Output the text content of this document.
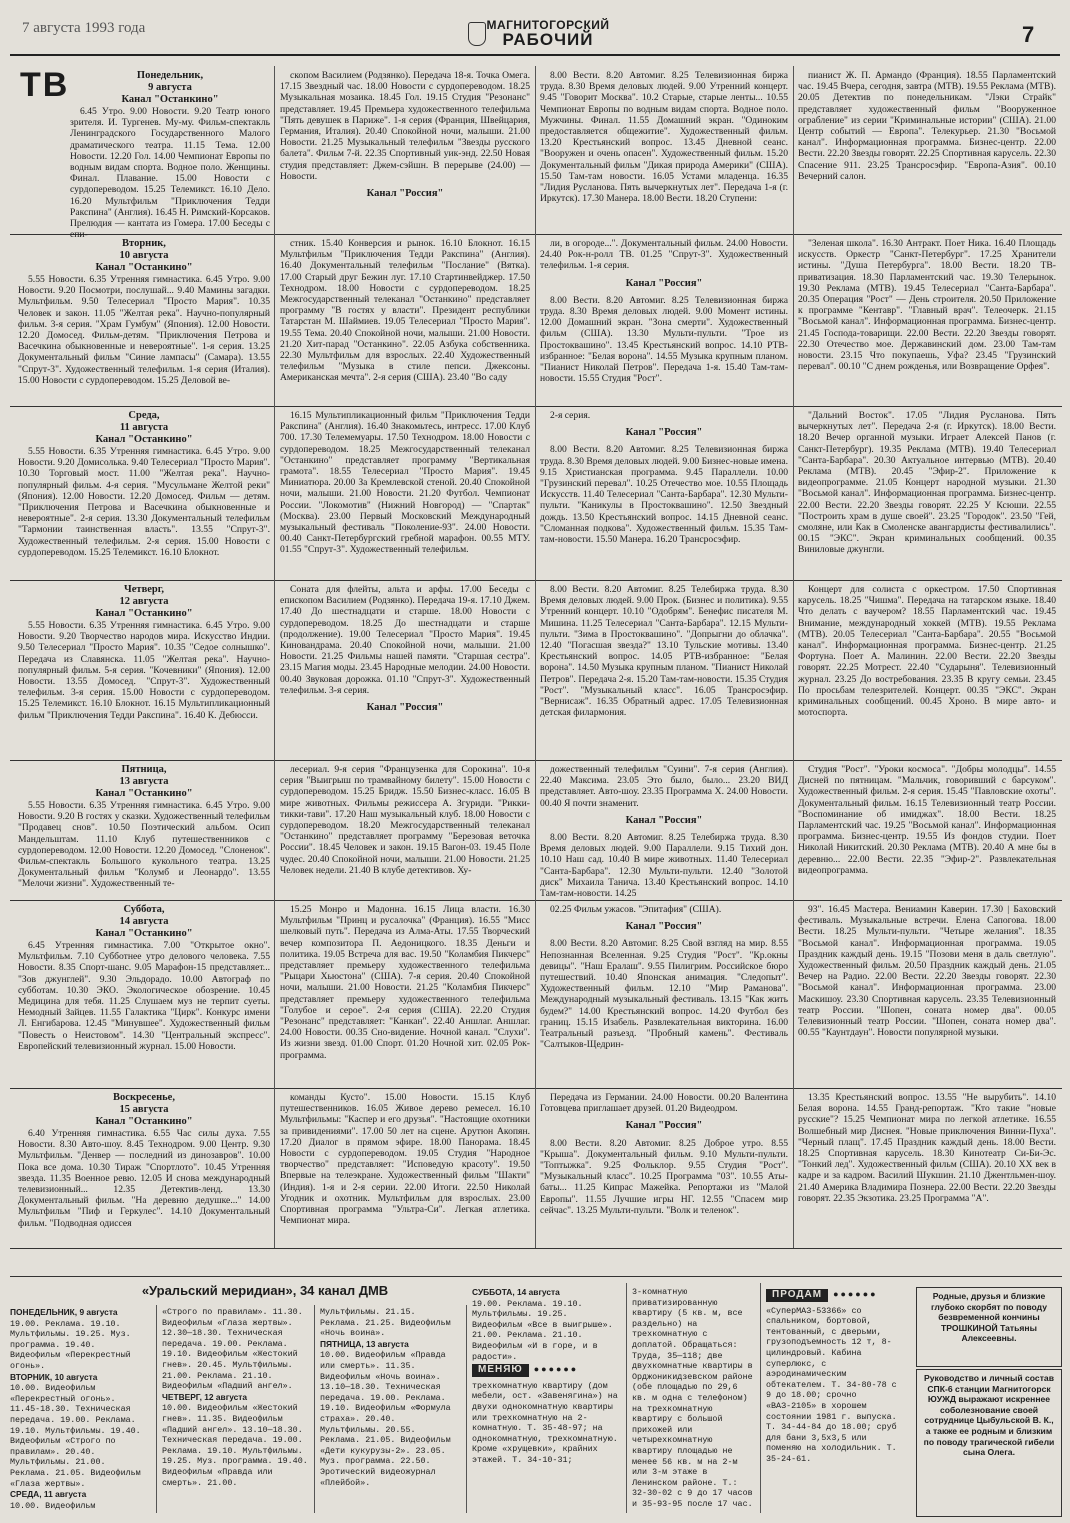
7 августа 1993 года	МАГНИТОГОРСКИЙ
РАБОЧИЙ	7
Понедельник,
9 августа
Канал "Останкино"
6.45 Утро. 9.00 Новости. 9.20 Театр юного зрителя. И. Тургенев. Му-му. Фильм-спектакль Ленинградского Государственного Малого драматического театра. 11.15 Тема. 12.00 Новости. 12.20 Гол. 14.00 Чемпионат Европы по водным видам спорта. Водное поло. Женщины. Финал. Плавание. 15.00 Новости с сурдопереводом. 15.25 Телемикст. 16.10 Дело. 16.20 Мультфильм "Приключения Тедди Ракспина" (Англия). 16.45 Н. Римский-Корсаков. Прелюдия — кантата из Гомера. 17.00 Беседы с епи-
скопом Василием (Родзянко). Передача 18-я. Точка Омега. 17.15 Звездный час. 18.00 Новости с сурдопереводом. 18.25 Музыкальная мозаика. 18.45 Гол. 19.15 Студия "Резонанс" представляет. 19.45 Премьера художественного телефильма "Пять девушек в Париже". 1-я серия (Франция, Швейцария, Германия, Италия). 20.40 Спокойной ночи, малыши. 21.00 Новости. 21.25 Музыкальный телефильм "Звезды русского балета". Фильм 7-й. 22.35 Спортивный уик-энд. 22.50 Новая студия представляет: Джем-сэйшн. В перерыве (24.00) — Новости.
Канал "Россия"
8.00 Вести. 8.20 Автомиг. 8.25 Телевизионная биржа труда. 8.30 Время деловых людей. 9.00 Утренний концерт. 9.45 "Говорит Москва". 10.2 Старые, старые ленты... 10.55 Чемпионат Европы по водным видам спорта. Водное поло. Мужчины. Финал. 11.55 Домашний экран. "Одиноким предоставляется общежитие". Художественный фильм. 13.20 Крестьянский вопрос. 13.45 Дневной сеанс. "Вооружен и очень опасен". Художественный фильм. 15.20 Документальный фильм "Дикая природа Америки" (США). 15.50 Там-там новости. 16.05 Устами младенца. 16.35 "Лидия Русланова. Пять вычеркнутых лет". Передача 1-я (г. Иркутск). 17.30 Манера. 18.00 Вести. 18.20 Ступени:
пианист Ж. П. Армандо (Франция). 18.55 Парламентский час. 19.45 Вчера, сегодня, завтра (МТВ). 19.55 Реклама (МТВ). 20.05 Детектив по понедельникам. "Лэки Страйк" представляет художественный фильм "Вооруженное ограбление" из серии "Криминальные истории" (США). 21.00 Центр событий — Европа". Телекурьер. 21.30 "Восьмой канал". Информационная программа. Бизнес-центр. 22.00 Вести. 22.20 Звезды говорят. 22.25 Спортивная карусель. 22.30 Спасение 911. 23.25 Трансросэфир. "Европа-Азия". 00.10 Вечерний салон.
Вторник,
10 августа
Канал "Останкино"
5.55 Новости. 6.35 Утренняя гимнастика. 6.45 Утро. 9.00 Новости. 9.20 Посмотри, послушай... 9.40 Мамины загадки. Мультфильм. 9.50 Телесериал "Просто Мария". 10.35 Человек и закон. 11.05 "Желтая река". Научно-популярный фильм. 3-я серия. "Храм Гумбум" (Япония). 12.00 Новости. 12.20 Домосед. Фильм-детям. "Приключения Петрова и Васечкина обыкновенные и невероятные". 1-я серия. 13.25 Документальный фильм "Синие лампасы" (Самара). 13.55 "Спрут-3". Художественный телефильм. 1-я серия (Италия). 15.00 Новости с сурдопереводом. 15.25 Деловой ве-
стник. 15.40 Конверсия и рынок. 16.10 Блокнот. 16.15 Мультфильм "Приключения Тедди Ракспина" (Англия). 16.40 Документальный телефильм "Послание" (Вятка). 17.00 Старый друг Бежин луг. 17.10 Стартинвейджер. 17.50 Технодром. 18.00 Новости с сурдопереводом. 18.25 Межгосударственный телеканал "Останкино" представляет программу "В гостях у власти". Президент республики Татарстан М. Шаймиев. 19.05 Телесериал "Просто Мария". 19.55 Тема. 20.40 Спокойной ночи, малыши. 21.00 Новости. 21.20 Хит-парад "Останкино". 22.05 Азбука собственника. 22.30 Мультфильм для взрослых. 22.40 Художественный телефильм "Музыка в стиле пепси. Джексоны. Американская мечта". 2-я серия (США). 23.40 "Во саду
ли, в огороде...". Документальный фильм. 24.00 Новости. 24.40 Рок-н-ролл ТВ. 01.25 "Спрут-3". Художественный телефильм. 1-я серия.
Канал "Россия"
8.00 Вести. 8.20 Автомиг. 8.25 Телевизионная биржа труда. 8.30 Время деловых людей. 9.00 Момент истины. 12.00 Домашний экран. "Зона смерти". Художественный фильм (США). 13.30 Мульти-пульти. "Трое из Простоквашино". 13.45 Крестьянский вопрос. 14.10 РТВ-избранное: "Белая ворона". 14.55 Музыка крупным планом. "Пианист Николай Петров". Передача 1-я. 15.40 Там-там-новости. 15.55 Студия "Рост".
"Зеленая школа". 16.30 Антракт. Поет Ника. 16.40 Площадь искусств. Оркестр "Санкт-Петербург". 17.25 Хранители истины. "Душа Петербурга". 18.00 Вести. 18.20 ТВ-приватизация. 18.30 Парламентский час. 19.30 Телерынок. 19.30 Реклама (МТВ). 19.45 Телесериал "Санта-Барбара". 20.35 Операция "Рост" — День строителя. 20.50 Приложение к программе "Кентавр". "Главный врач". Телеочерк. 21.15 "Восьмой канал". Информационная программа. Бизнес-центр. 21.45 Господа-товарищи. 22.00 Вести. 22.20 Звезды говорят. 22.30 Отечество мое. Державинский дом. 23.00 Там-там новости. 23.15 Что покупаешь, Уфа? 23.45 "Грузинский перевал". 00.10 "С днем рожденья, или Возвращение Орфея".
Среда,
11 августа
Канал "Останкино"
5.55 Новости. 6.35 Утренняя гимнастика. 6.45 Утро. 9.00 Новости. 9.20 Домисолька. 9.40 Телесериал "Просто Мария". 10.30 Торговый мост. 11.00 "Желтая река". Научно-популярный фильм. 4-я серия. "Мусульмане Желтой реки" (Япония). 12.00 Новости. 12.20 Домосед. Фильм — детям. "Приключения Петрова и Васечкина обыкновенные и невероятные". 2-я серия. 13.30 Документальный телефильм "Тармонии таинственная власть". 13.55 "Спрут-3". Художественный телефильм. 2-я серия. 15.00 Новости с сурдопереводом. 15.25 Телемикст. 16.10 Блокнот.
16.15 Мультипликационный фильм "Приключения Тедди Ракспина" (Англия). 16.40 Знакомьтесь, интресс. 17.00 Клуб 700. 17.30 Телемемуары. 17.50 Технодром. 18.00 Новости с сурдопереводом. 18.25 Межгосударственный телеканал "Останкино" представляет программу "Вертикальная грамота". 18.55 Телесериал "Просто Мария". 19.45 Миниатюра. 20.00 За Кремлевской стеной. 20.40 Спокойной ночи, малыши. 21.00 Новости. 21.20 Футбол. Чемпионат России. "Локомотив" (Нижний Новгород) — "Спартак" (Москва). 23.00 Первый Московский Международный музыкальный фестиваль "Поколение-93". 24.00 Новости. 00.40 Санкт-Петербургский гребной марафон. 00.55 МТУ. 01.55 "Спрут-3". Художественный телефильм.
2-я серия.
Канал "Россия"
8.00 Вести. 8.20 Автомиг. 8.25 Телевизионная биржа труда. 8.30 Время деловых людей. 9.00 Бизнес-новые имена. 9.15 Христианская программа. 9.45 Параллели. 10.00 "Грузинский перевал". 10.25 Отечество мое. 10.55 Площадь Искусств. 11.40 Телесериал "Санта-Барбара". 12.30 Мульти-пульти. "Каникулы в Простоквашино". 12.50 Звездный дождь. 13.50 Крестьянский вопрос. 14.15 Дневной сеанс. "Сломанная подкова". Художественный фильм. 15.35 Там-там-новости. 15.50 Манера. 16.20 Трансросэфир.
"Дальний Восток". 17.05 "Лидия Русланова. Пять вычеркнутых лет". Передача 2-я (г. Иркутск). 18.00 Вести. 18.20 Вечер органной музыки. Играет Алексей Панов (г. Санкт-Петербург). 19.35 Реклама (МТВ). 19.40 Телесериал "Санта-Барбара". 20.30 Актуальное интервью (МТВ). 20.40 Реклама (МТВ). 20.45 "Эфир-2". Приложение к видеопрограмме. 21.05 Концерт народной музыки. 21.30 "Восьмой канал". Информационная программа. Бизнес-центр. 22.00 Вести. 22.20 Звезды говорят. 22.25 У Ксюши. 22.55 "Построить храм в душе своей". 23.25 "Городок". 23.50 "Гей, смоляне, или Как в Смоленске авангардисты фестивалились". 00.15 "ЭКС". Экран криминальных сообщений. 00.35 Виниловые джунгли.
Четверг,
12 августа
Канал "Останкино"
5.55 Новости. 6.35 Утренняя гимнастика. 6.45 Утро. 9.00 Новости. 9.20 Творчество народов мира. Искусство Индии. 9.50 Телесериал "Просто Мария". 10.35 "Седое солнышко". Передача из Славянска. 11.05 "Желтая река". Научно-популярный фильм. 5-я серия. "Кочевники" (Япония). 12.00 Новости. 13.55 Домосед. "Спрут-3". Художественный телефильм. 3-я серия. 15.00 Новости с сурдопереводом. 15.25 Телемикст. 16.10 Блокнот. 16.15 Мультипликационный фильм "Приключения Тедди Ракспина". 16.40 К. Дебюсси.
Соната для флейты, альта и арфы. 17.00 Беседы с епископом Василием (Родзянко). Передача 19-я. 17.10 Джем. 17.40 До шестнадцати и старше. 18.00 Новости с сурдопереводом. 18.25 До шестнадцати и старше (продолжение). 19.00 Телесериал "Просто Мария". 19.45 Киновандрама. 20.40 Спокойной ночи, малыши. 21.00 Новости. 21.25 Фильмы нашей памяти. "Старшая сестра". 23.15 Магия моды. 23.45 Народные мелодии. 24.00 Новости. 00.40 Звуковая дорожка. 01.10 "Спрут-3". Художественный телефильм. 3-я серия.
Канал "Россия"
8.00 Вести. 8.20 Автомиг. 8.25 Телебиржа труда. 8.30 Время деловых людей. 9.00 Прок. (Бизнес и политика). 9.55 Утренний концерт. 10.10 "Одобрям". Бенефис писателя М. Мишина. 11.25 Телесериал "Санта-Барбара". 12.15 Мульти-пульти. "Зима в Простоквашино". "Допрыгни до облачка". 12.40 "Погасшая звезда?" 13.10 Тульские мотивы. 13.40 Крестьянский вопрос. 14.05 РТВ-избранное: "Белая ворона". 14.50 Музыка крупным планом. "Пианист Николай Петров". Передача 2-я. 15.20 Там-там-новости. 15.35 Студия "Рост". "Музыкальный класс". 16.05 Трансросэфир. "Вернисаж". 16.35 Обратный адрес. 17.05 Телевизионная детская филармония.
Концерт для солиста с оркестром. 17.50 Спортивная карусель. 18.25 "Чишма". Передача на татарском языке. 18.40 Что делать с ваучером? 18.55 Парламентский час. 19.45 Внимание, международный хоккей (МТВ). 19.55 Реклама (МТВ). 20.05 Телесериал "Санта-Барбара". 20.55 "Восьмой канал". Информационная программа. Бизнес-центр. 21.25 Фортуна. Поет А. Малинин. 22.00 Вести. 22.20 Звезды говорят. 22.25 Мотрест. 22.40 "Сударыня". Телевизионный журнал. 23.25 До востребования. 23.35 В кругу семьи. 23.45 По просьбам телезрителей. Концерт. 00.35 "ЭКС". Экран криминальных сообщений. 00.45 Хроно. В мире авто- и мотоспорта.
Пятница,
13 августа
Канал "Останкино"
5.55 Новости. 6.35 Утренняя гимнастика. 6.45 Утро. 9.00 Новости. 9.20 В гостях у сказки. Художественный телефильм "Продавец снов". 10.50 Поэтический альбом. Осип Мандельштам. 11.10 Клуб путешественников с сурдопереводом. 12.00 Новости. 12.20 Домосед. "Слоненок". Фильм-спектакль Большого кукольного театра. 13.25 Документальный фильм "Колумб и Леонардо". 13.55 "Мелочи жизни". Художественный те-
лесериал. 9-я серия "Французенка для Сорокина". 10-я серия "Выигрыш по трамвайному билету". 15.00 Новости с сурдопереводом. 15.25 Бридж. 15.50 Бизнес-класс. 16.05 В мире животных. Фильмы режиссера А. Згуриди. "Рикки-тикки-тави". 17.20 Наш музыкальный клуб. 18.00 Новости с сурдопереводом. 18.20 Межгосударственный телеканал "Останкино" представляет программу "Березовая веточка России". 18.45 Человек и закон. 19.15 Вагон-03. 19.45 Поле чудес. 20.40 Спокойной ночи, малыши. 21.00 Новости. 21.25 Человек недели. 21.40 В клубе детективов. Ху-
дожественный телефильм "Суини". 7-я серия (Англия). 22.40 Максима. 23.05 Это было, было... 23.20 ВИД представляет. Авто-шоу. 23.35 Программа Х. 24.00 Новости. 00.40 Я почти знаменит.
Канал "Россия"
8.00 Вести. 8.20 Автомиг. 8.25 Телебиржа труда. 8.30 Время деловых людей. 9.00 Параллели. 9.15 Тихий дон. 10.10 Наш сад. 10.40 В мире животных. 11.40 Телесериал "Санта-Барбара". 12.30 Мульти-пульти. 12.40 "Золотой диск" Михаила Танича. 13.40 Крестьянский вопрос. 14.10 Там-там-новости. 14.25
Студия "Рост". "Уроки космоса". "Добры молодцы". 14.55 Дисней по пятницам. "Мальчик, говоривший с барсуком". Художественный фильм. 2-я серия. 15.45 "Павловские охоты". Документальный фильм. 16.15 Телевизионный театр России. "Воспоминание об имиджах". 18.00 Вести. 18.25 Парламентский час. 19.25 "Восьмой канал". Информационная программа. Бизнес-центр. 19.55 Из фондов студии. Поет Николай Никитский. 20.30 Реклама (МТВ). 20.40 А мне бы в деревню... 22.00 Вести. 22.35 "Эфир-2". Развлекательная видеопрограмма.
Суббота,
14 августа
Канал "Останкино"
6.45 Утренняя гимнастика. 7.00 "Открытое окно". Мультфильм. 7.10 Субботнее утро делового человека. 7.55 Новости. 8.35 Спорт-шанс. 9.05 Марафон-15 представляет... "Зов джунглей". 9.30 Эльдорадо. 10.00 Автограф по субботам. 10.30 ЭКО. Экологическое обозрение. 10.45 Медицина для тебя. 11.25 Слушаем муз не терпит суеты. Немодный Зайцев. 11.55 Галактика "Цирк". Конкурс имени Л. Енгибарова. 12.45 "Минувшее". Художественный фильм "Повесть о Неистовом". 14.30 "Центральный экспресс". Европейский телевизионный журнал. 15.00 Новости.
15.25 Монро и Мадонна. 16.15 Лица власти. 16.30 Мультфильм "Принц и русалочка" (Франция). 16.55 "Мисс шелковый путь". Передача из Алма-Аты. 17.55 Творческий вечер композитора П. Аедоницкого. 18.35 Деньги и политика. 19.05 Встреча для вас. 19.50 "Коламбия Пикчерс" представляет премьеру художественного телефильма "Рыцари Хьюстона" (США). 7-я серия. 20.40 Спокойной ночи, малыши. 21.00 Новости. 21.25 "Коламбия Пикчерс" представляет премьеру художественного телефильма "Голубое и серое". 2-я серия (США). 22.20 Студия "Резонанс" представляет: "Канкан". 22.40 Аншлаг. Аншлаг. 24.00 Новости. 00.35 Сно-видение. Ночной канал. "Слухи". Из жизни звезд. 01.00 Спорт. 01.20 Ночной хит. 02.05 Рок-программа.
02.25 Фильм ужасов. "Эпитафия" (США).
Канал "Россия"
8.00 Вести. 8.20 Автомиг. 8.25 Свой взгляд на мир. 8.55 Непознанная Вселенная. 9.25 Студия "Рост". "Кр.окны девицы". "Наш Ералаш". 9.55 Пилигрим. Российское бюро путешествий. 10.40 Японская анимация. "Следопыт". Художественный фильм. 12.10 "Мир Раманова". Международный музыкальный фестиваль. 13.15 "Как жить будем?" 14.00 Крестьянский вопрос. 14.20 Футбол без границ. 15.15 Изабель. Развлекательная викторина. 16.00 Театральный разъезд. "Пробный камень". Фестиваль "Салтыков-Щедрин-
93". 16.45 Мастера. Вениамин Каверин. 17.30 | Баховский фестиваль. Музыкальные встречи. Елена Сапогова. 18.00 Вести. 18.25 Мульти-пульти. "Четыре желания". 18.35 "Восьмой канал". Информационная программа. 19.05 Праздник каждый день. 19.15 "Позови меня в даль светлую". Художественный фильм. 20.50 Праздник каждый день. 21.05 Вечер на Радио. 22.00 Вести. 22.20 Звезды говорят. 22.30 "Восьмой канал". Информационная программа. 23.00 Маскишоу. 23.30 Спортивная карусель. 23.35 Телевизионный театр России. "Шопен, соната номер два". 00.05 Телевизионный театр России. "Шопен, соната номер два". 00.55 "Каунтдаун". Новости популярной музыки.
Воскресенье,
15 августа
Канал "Останкино"
6.40 Утренняя гимнастика. 6.55 Час силы духа. 7.55 Новости. 8.30 Авто-шоу. 8.45 Технодром. 9.00 Центр. 9.30 Мультфильм. "Денвер — последний из динозавров". 10.00 Пока все дома. 10.30 Тираж "Спортлото". 10.45 Утренняя звезда. 11.35 Военное ревю. 12.05 И снова международный телевизионный... 12.35 Детектив-ленд. 13.30 Документальный фильм. "На деревню дедушке..." 14.00 Мультфильм "Пиф и Геркулес". 14.10 Документальный фильм. "Подводная одиссея
команды Кусто". 15.00 Новости. 15.15 Клуб путешественников. 16.05 Живое дерево ремесел. 16.10 Мультфильмы: "Каспер и его друзья". "Настоящие охотники за привидениями". 17.00 50 лет на сцене. Арутюн Акопян. 17.20 Диалог в прямом эфире. 18.00 Панорама. 18.45 Новости с сурдопереводом. 19.05 Студия "Народное творчество" представляет: "Исповедую красоту". 19.50 Впервые на телеэкране. Художественный фильм "Шакти" (Индия). 1-я и 2-я серии. 22.00 Итоги. 22.50 Николай Угодник и охотник. Мультфильм для взрослых. 23.00 Спортивная программа "Ультра-Си". Легкая атлетика. Чемпионат мира.
Передача из Германии. 24.00 Новости. 00.20 Валентина Готовцева приглашает друзей. 01.20 Видеодром.
Канал "Россия"
8.00 Вести. 8.20 Автомиг. 8.25 Доброе утро. 8.55 "Крыша". Документальный фильм. 9.10 Мульти-пульти. "Топтыжка". 9.25 Фольклор. 9.55 Студия "Рост". "Музыкальный класс". 10.25 Программа "03". 10.55 Аты-баты... 11.25 Кипрас Мажейка. Репортажи из "Малой Европы". 11.55 Лучшие игры НГ. 12.55 "Спасем мир сейчас". 13.25 Мульти-пульти. "Волк и теленок".
13.35 Крестьянский вопрос. 13.55 "Не вырубить". 14.10 Белая ворона. 14.55 Гранд-репортаж. "Кто такие "новые русские"? 15.25 Чемпионат мира по легкой атлетике. 16.55 Волшебный мир Диснея. "Новые приключения Винни-Пуха". "Черный плащ". 17.45 Праздник каждый день. 18.00 Вести. 18.25 Спортивная карусель. 18.30 Кинотеатр Си-Би-Эс. "Тонкий лед". Художественный фильм (США). 20.10 ХХ век в кадре и за кадром. Василий Шукшин. 21.10 Джентльмен-шоу. 21.40 Америка Владимира Познера. 22.00 Вести. 22.20 Звезды говорят. 22.35 Экзотика. 23.25 Программа "А".
ТВ
«Уральский меридиан», 34 канал ДМВ
ПОНЕДЕЛЬНИК, 9 августа
19.00. Реклама. 19.10. Мультфильмы. 19.25. Муз. программа. 19.40. Видеофильм «Перекрестный огонь».
ВТОРНИК, 10 августа
10.00. Видеофильм «Перекрестный огонь». 11.45-18.30. Техническая передача. 19.00. Реклама. 19.10. Мультфильмы. 19.40. Видеофильм «Строго по правилам». 20.40. Мультфильмы. 21.00. Реклама. 21.05. Видеофильм «Глаза жертвы».
СРЕДА, 11 августа
10.00. Видеофильм
«Строго по правилам». 11.30. Видеофильм «Глаза жертвы». 12.30—18.30. Техническая передача. 19.00. Реклама. 19.10. Видеофильм «Жестокий гнев». 20.45. Мультфильмы. 21.00. Реклама. 21.10. Видеофильм «Падший ангел».
ЧЕТВЕРГ, 12 августа
10.00. Видеофильм «Жестокий гнев». 11.35. Видеофильм «Падший ангел». 13.10—18.30. Техническая передача. 19.00. Реклама. 19.10. Мультфильмы. 19.25. Муз. программа. 19.40. Видеофильм «Правда или смерть». 21.00.
Мультфильмы. 21.15. Реклама. 21.25. Видеофильм «Ночь воина».
ПЯТНИЦА, 13 августа
10.00. Видеофильм «Правда или смерть». 11.35. Видеофильм «Ночь воина». 13.10—18.30. Техническая передача. 19.00. Реклама. 19.10. Видеофильм «Формула страха». 20.40. Мультфильмы. 20.55. Реклама. 21.05. Видеофильм «Дети кукурузы-2». 23.05. Муз. программа. 22.50. Эротический видеожурнал «Плейбой».
СУББОТА, 14 августа
19.00. Реклама. 19.10. Мультфильмы. 19.25. Видеофильм «Все в выигрыше». 21.00. Реклама. 21.10. Видеофильм «И в горе, и в радости».
МЕНЯЮ ●●●●●●
трехкомнатную квартиру (дом мебели, ост. «Завенягина») на двухи однокомнатную квартиры или трехкомнатную на 2-комнатную. Т. 35-48-97; на однокомнатную, трехкомнатную. Кроме «хрущевки», крайних этажей. Т. 34-10-31;
3-комнатную приватизированную квартиру (5 кв. м, все раздельно) на трехкомнатную с доплатой. Обращаться: Труда, 35—118; две двухкомнатные квартиры в Орджоникидзевском районе (обе площадью по 29,6 кв. м одна с телефоном) на трехкомнатную квартиру с большой прихожей или четырехкомнатную квартиру площадью не менее 56 кв. м на 2-м или 3-м этаже в Ленинском районе. Т.: 32-30-02 с 9 до 17 часов и 35-93-95 после 17 час.
ПРОДАМ ●●●●●●
«СуперМАЗ-53366» со спальником, бортовой, тентованный, с дверьми, грузоподъемность 12 т, 8-цилиндровый. Кабина суперлюкс, с аэродинамическим обтекателем. Т. 34-80-78 с 9 до 18.00; срочно «ВАЗ-2105» в хорошем состоянии 1981 г. выпуска. Т. 34-44-84 до 18.00; сруб для бани 3,5х3,5 или поменяю на холодильник. Т. 35-24-61.
Родные, друзья и близкие глубоко скорбят по поводу безвременной кончины ТРОШКИНОЙ Татьяны Алексеевны.
Руководство и личный состав СПК-6 станции Магнитогорск ЮУЖД выражают искреннее соболезнование своей сотруднице Цыбульской В. К., а также ее родным и близким по поводу трагической гибели сына Олега.
